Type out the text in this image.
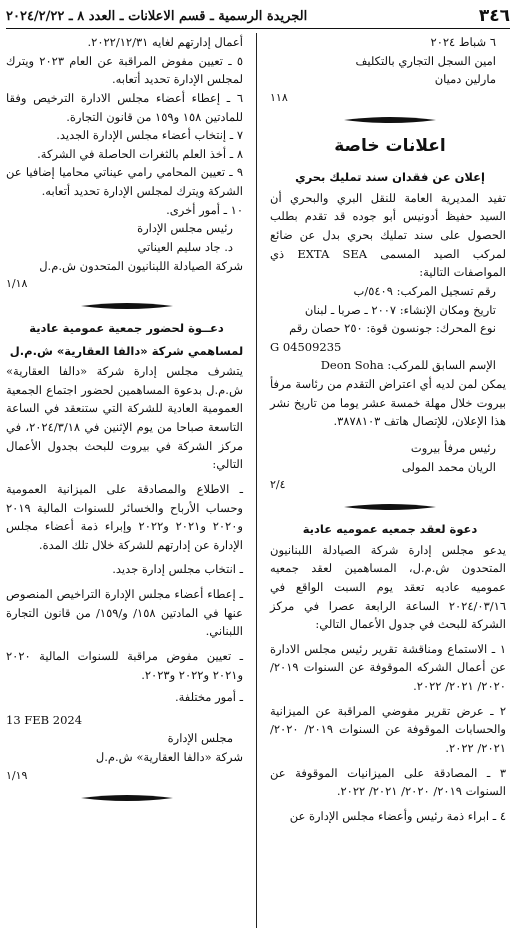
٣٤٦
الجريدة الرسمية ـ قسم الاعلانات ـ العدد ٨ ـ ٢٠٢٤/٢/٢٢

٦ شباط ٢٠٢٤

امين السجل التجاري بالتكليف

مارلين دميان

١١٨

اعلانات خاصة
إعلان عن فقدان سند تمليك بحري

تفيد المديرية العامة للنقل البري والبحري أن السيد حفيظ أدونيس أبو جوده قد تقدم بطلب الحصول على سند تمليك بحري بدل عن ضائع لمركب الصيد المسمى EXTA SEA ذي المواصفات التالية:

رقم تسجيل المركب: ٥٤٠٩/ب

تاريخ ومكان الإنشاء: ٢٠٠٧ ـ صربا ـ لبنان

نوع المحرك: جونسون قوة: ٢٥٠ حصان رقم

G 04509235

الإسم السابق للمركب: Deon Soha

يمكن لمن لديه أي اعتراض التقدم من رئاسة مرفأ بيروت خلال مهلة خمسة عشر يوما من تاريخ نشر هذا الإعلان، للإتصال هاتف ٣٨٧٨١٠٣.

رئيس مرفأ بيروت

الريان محمد المولى

٢/٤

دعوة لعقد جمعيه عموميه عادية

يدعو مجلس إدارة شركة الصيادلة اللبنانيون المتحدون ش.م.ل، المساهمين لعقد جمعيه عموميه عاديه تعقد يوم السبت الواقع في ٢٠٢٤/٠٣/١٦ الساعة الرابعة عصرا في مركز الشركة للبحث في جدول الأعمال التالي:

١ ـ الاستماع ومناقشة تقرير رئيس مجلس الادارة عن أعمال الشركه الموقوفة عن السنوات ٢٠١٩/ ٢٠٢٠/ ٢٠٢١/ ٢٠٢٢.

٢ ـ عرض تقرير مفوضي المراقبة عن الميزانية والحسابات الموقوفة عن السنوات ٢٠١٩/ ٢٠٢٠/ ٢٠٢١/ ٢٠٢٢.

٣ ـ المصادقة على الميزانيات الموقوفة عن السنوات ٢٠١٩/ ٢٠٢٠/ ٢٠٢١/ ٢٠٢٢.

٤ ـ ابراء ذمة رئيس وأعضاء مجلس الإدارة عن

أعمال إدارتهم لغايه ٢٠٢٢/١٢/٣١.

٥ ـ تعيين مفوض المراقبة عن العام ٢٠٢٣ ويترك لمجلس الإدارة تحديد أتعابه.

٦ ـ إعطاء أعضاء مجلس الادارة الترخيص وفقا للمادتين ١٥٨ و١٥٩ من قانون التجارة.

٧ ـ إنتخاب أعضاء مجلس الإدارة الجديد.

٨ ـ أخذ العلم بالثغرات الحاصلة في الشركة.

٩ ـ تعيين المحامي رامي عيناتي محاميا إضافيا عن الشركة ويترك لمجلس الإدارة تحديد أتعابه.

١٠ ـ أمور أخرى.

رئيس مجلس الإدارة

د. جاد سليم العيناتي

شركة الصيادلة اللبنانيون المتحدون ش.م.ل

١/١٨

دعــوة لحضور جمعية عمومية عادية
لمساهمي شركة «دالفا العقارية» ش.م.ل

يتشرف مجلس إدارة شركة «دالفا العقارية» ش.م.ل بدعوة المساهمين لحضور اجتماع الجمعية العمومية العادية للشركة التي ستنعقد في الساعة التاسعة صباحا من يوم الإثنين في ٢٠٢٤/٣/١٨، في مركز الشركة في بيروت للبحث بجدول الأعمال التالي:

ـ الاطلاع والمصادقة على الميزانية العمومية وحساب الأرباح والخسائر للسنوات المالية ٢٠١٩ و٢٠٢٠ و٢٠٢١ و٢٠٢٢ وإبراء ذمة أعضاء مجلس الإدارة عن إدارتهم للشركة خلال تلك المدة.

ـ انتخاب مجلس إدارة جديد.

ـ إعطاء أعضاء مجلس الإدارة التراخيص المنصوص عنها في المادتين ١٥٨/ و/١٥٩/ من قانون التجارة اللبناني.

ـ تعيين مفوض مراقبة للسنوات المالية ٢٠٢٠ و٢٠٢١ و٢٠٢٢ و٢٠٢٣.

ـ أمور مختلفة.

13 FEB 2024

مجلس الإدارة

شركة «دالفا العقارية» ش.م.ل

١/١٩
